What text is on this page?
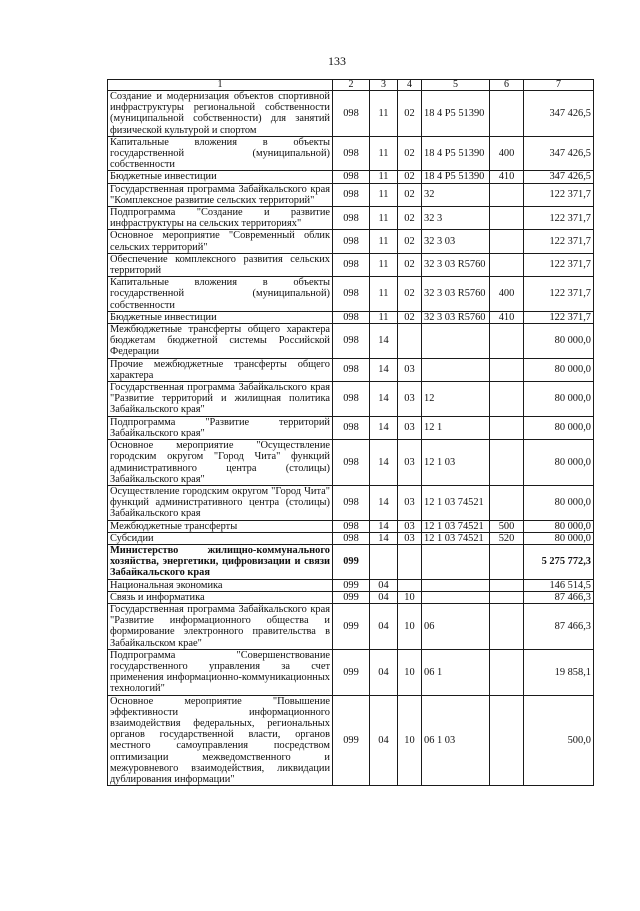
133
1	2	3	4	5	6	7
Создание и модернизация объектов спортивной инфраструктуры региональной собственности (муниципальной собственности) для занятий физической культурой и спортом	098	11	02	18 4 P5 51390		347 426,5
Капитальные вложения в объекты государственной (муниципальной) собственности	098	11	02	18 4 P5 51390	400	347 426,5
Бюджетные инвестиции	098	11	02	18 4 P5 51390	410	347 426,5
Государственная программа Забайкальского края "Комплексное развитие сельских территорий"	098	11	02	32		122 371,7
Подпрограмма "Создание и развитие инфраструктуры на сельских территориях"	098	11	02	32 3		122 371,7
Основное мероприятие "Современный облик сельских территорий"	098	11	02	32 3 03		122 371,7
Обеспечение комплексного развития сельских территорий	098	11	02	32 3 03 R5760		122 371,7
Капитальные вложения в объекты государственной (муниципальной) собственности	098	11	02	32 3 03 R5760	400	122 371,7
Бюджетные инвестиции	098	11	02	32 3 03 R5760	410	122 371,7
Межбюджетные трансферты общего характера бюджетам бюджетной системы Российской Федерации	098	14				80 000,0
Прочие межбюджетные трансферты общего характера	098	14	03			80 000,0
Государственная программа Забайкальского края "Развитие территорий и жилищная политика Забайкальского края"	098	14	03	12		80 000,0
Подпрограмма "Развитие территорий Забайкальского края"	098	14	03	12 1		80 000,0
Основное мероприятие "Осуществление городским округом "Город Чита" функций административного центра (столицы) Забайкальского края"	098	14	03	12 1 03		80 000,0
Осуществление городским округом "Город Чита" функций административного центра (столицы) Забайкальского края	098	14	03	12 1 03 74521		80 000,0
Межбюджетные трансферты	098	14	03	12 1 03 74521	500	80 000,0
Субсидии	098	14	03	12 1 03 74521	520	80 000,0
Министерство жилищно-коммунального хозяйства, энергетики, цифровизации и связи Забайкальского края	099					5 275 772,3
Национальная экономика	099	04				146 514,5
Связь и информатика	099	04	10			87 466,3
Государственная программа Забайкальского края "Развитие информационного общества и формирование электронного правительства в Забайкальском крае"	099	04	10	06		87 466,3
Подпрограмма "Совершенствование государственного управления за счет применения информационно-коммуникационных технологий"	099	04	10	06 1		19 858,1
Основное мероприятие "Повышение эффективности информационного взаимодействия федеральных, региональных органов государственной власти, органов местного самоуправления посредством оптимизации межведомственного и межуровневого взаимодействия, ликвидации дублирования информации"	099	04	10	06 1 03		500,0
